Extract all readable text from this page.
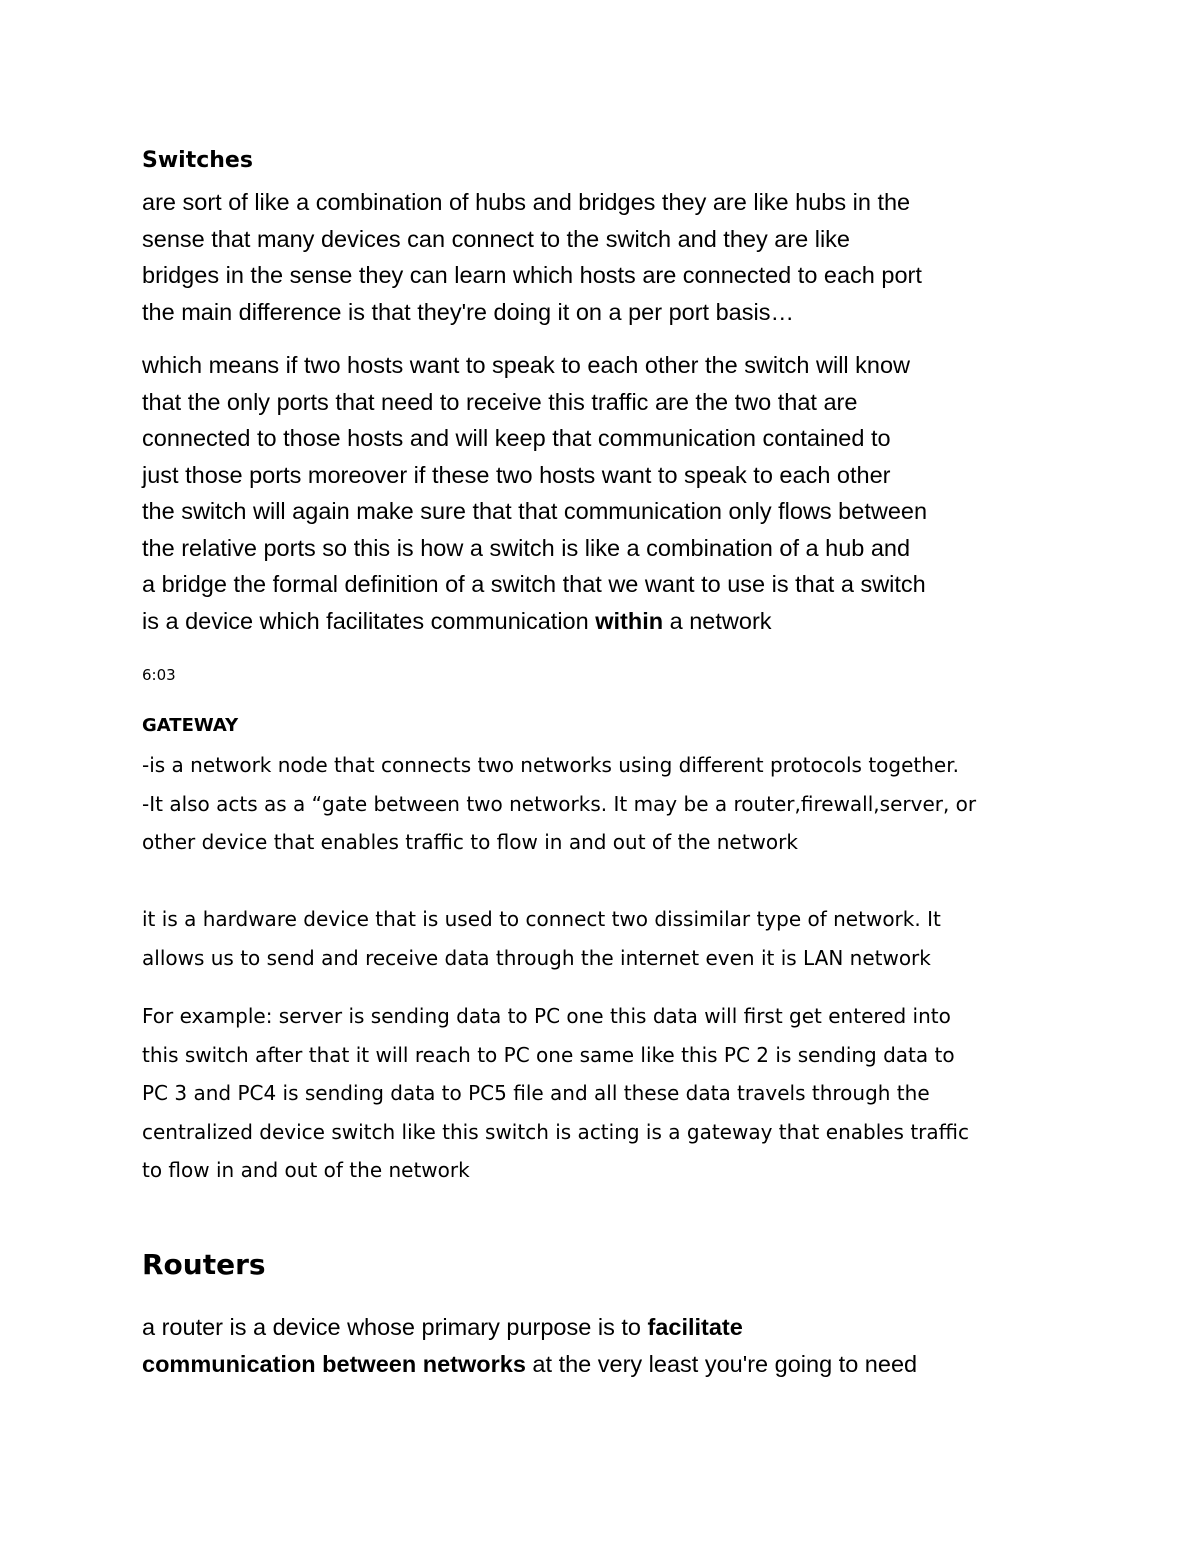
Switches
are sort of like a combination of hubs and bridges they are like hubs in the
sense that many devices can connect to the switch and they are like
bridges in the sense they can learn which hosts are connected to each port
the main difference is that they're doing it on a per port basis…
which means if two hosts want to speak to each other the switch will know
that the only ports that need to receive this traffic are the two that are
connected to those hosts and will keep that communication contained to
just those ports moreover if these two hosts want to speak to each other
the switch will again make sure that that communication only flows between
the relative ports so this is how a switch is like a combination of a hub and
a bridge the formal definition of a switch that we want to use is that a switch
is a device which facilitates communication within a network
6:03
GATEWAY
-is a network node that connects two networks using different protocols together.
-It also acts as a “gate between two networks. It may be a router,firewall,server, or
other device that enables traffic to flow in and out of the network
it is a hardware device that is used to connect two dissimilar type of network. It
allows us to send and receive data through the internet even it is LAN network
For example: server is sending data to PC one this data will first get entered into
this switch after that it will reach to PC one same like this PC 2 is sending data to
PC 3 and PC4 is sending data to PC5 file and all these data travels through the
centralized device switch like this switch is acting is a gateway that enables traffic
to flow in and out of the network
Routers
a router is a device whose primary purpose is to facilitate
communication between networks at the very least you're going to need
